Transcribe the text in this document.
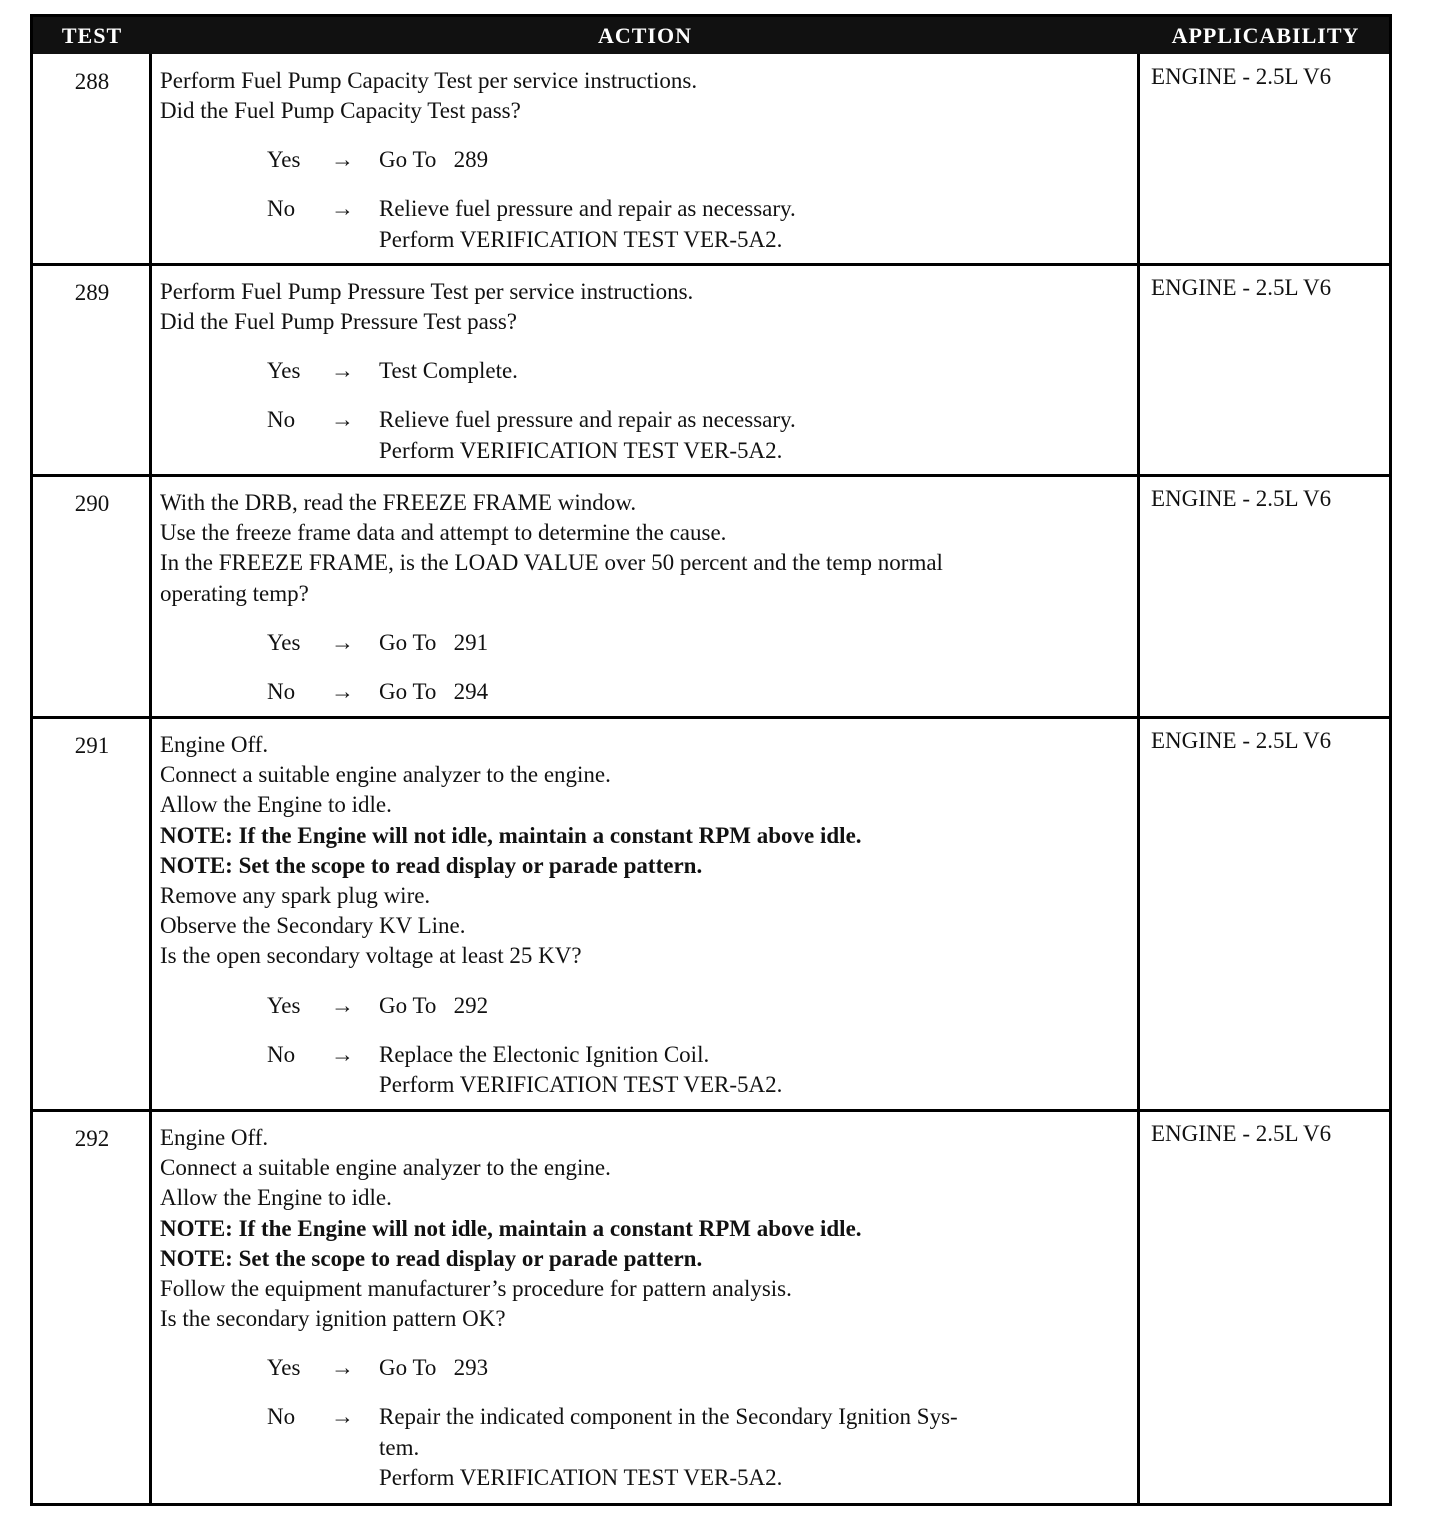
TEST	ACTION	APPLICABILITY
288	Perform Fuel Pump Capacity Test per service instructions.
Did the Fuel Pump Capacity Test pass?
Yes → Go To   289
No → Relieve fuel pressure and repair as necessary.
Perform VERIFICATION TEST VER-5A2.
ENGINE - 2.5L V6
289	Perform Fuel Pump Pressure Test per service instructions.
Did the Fuel Pump Pressure Test pass?
Yes → Test Complete.
No → Relieve fuel pressure and repair as necessary.
Perform VERIFICATION TEST VER-5A2.
ENGINE - 2.5L V6
290	With the DRB, read the FREEZE FRAME window.
Use the freeze frame data and attempt to determine the cause.
In the FREEZE FRAME, is the LOAD VALUE over 50 percent and the temp normal
operating temp?
Yes → Go To   291
No → Go To   294
ENGINE - 2.5L V6
291	Engine Off.
Connect a suitable engine analyzer to the engine.
Allow the Engine to idle.
NOTE: If the Engine will not idle, maintain a constant RPM above idle.
NOTE: Set the scope to read display or parade pattern.
Remove any spark plug wire.
Observe the Secondary KV Line.
Is the open secondary voltage at least 25 KV?
Yes → Go To   292
No → Replace the Electonic Ignition Coil.
Perform VERIFICATION TEST VER-5A2.
ENGINE - 2.5L V6
292	Engine Off.
Connect a suitable engine analyzer to the engine.
Allow the Engine to idle.
NOTE: If the Engine will not idle, maintain a constant RPM above idle.
NOTE: Set the scope to read display or parade pattern.
Follow the equipment manufacturer’s procedure for pattern analysis.
Is the secondary ignition pattern OK?
Yes → Go To   293
No → Repair the indicated component in the Secondary Ignition Sys-
tem.
Perform VERIFICATION TEST VER-5A2.
ENGINE - 2.5L V6
